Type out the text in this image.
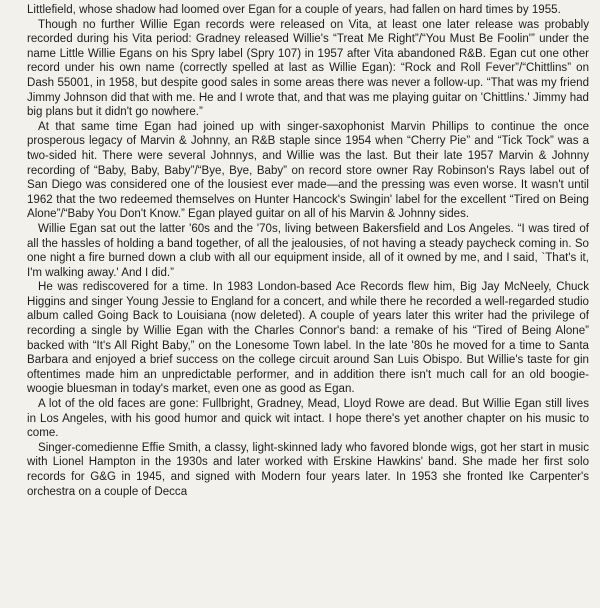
Littlefield, whose shadow had loomed over Egan for a couple of years, had fallen on hard times by 1955.

Though no further Willie Egan records were released on Vita, at least one later release was probably recorded during his Vita period: Gradney released Willie's “Treat Me Right”/“You Must Be Foolin'” under the name Little Willie Egans on his Spry label (Spry 107) in 1957 after Vita abandoned R&B. Egan cut one other record under his own name (correctly spelled at last as Willie Egan): “Rock and Roll Fever”/“Chittlins” on Dash 55001, in 1958, but despite good sales in some areas there was never a follow-up. “That was my friend Jimmy Johnson did that with me. He and I wrote that, and that was me playing guitar on 'Chittlins.' Jimmy had big plans but it didn't go nowhere.”

At that same time Egan had joined up with singer-saxophonist Marvin Phillips to continue the once prosperous legacy of Marvin & Johnny, an R&B staple since 1954 when “Cherry Pie” and “Tick Tock” was a two-sided hit. There were several Johnnys, and Willie was the last. But their late 1957 Marvin & Johnny recording of “Baby, Baby, Baby”/“Bye, Bye, Baby” on record store owner Ray Robinson's Rays label out of San Diego was considered one of the lousiest ever made—and the pressing was even worse. It wasn't until 1962 that the two redeemed themselves on Hunter Hancock's Swingin' label for the excellent “Tired on Being Alone”/“Baby You Don't Know.” Egan played guitar on all of his Marvin & Johnny sides.

Willie Egan sat out the latter '60s and the '70s, living between Bakersfield and Los Angeles. “I was tired of all the hassles of holding a band together, of all the jealousies, of not having a steady paycheck coming in. So one night a fire burned down a club with all our equipment inside, all of it owned by me, and I said, `That's it, I'm walking away.' And I did.”

He was rediscovered for a time. In 1983 London-based Ace Records flew him, Big Jay McNeely, Chuck Higgins and singer Young Jessie to England for a concert, and while there he recorded a well-regarded studio album called Going Back to Louisiana (now deleted). A couple of years later this writer had the privilege of recording a single by Willie Egan with the Charles Connor's band: a remake of his “Tired of Being Alone” backed with “It's All Right Baby,” on the Lonesome Town label. In the late '80s he moved for a time to Santa Barbara and enjoyed a brief success on the college circuit around San Luis Obispo. But Willie's taste for gin oftentimes made him an unpredictable performer, and in addition there isn't much call for an old boogie-woogie bluesman in today's market, even one as good as Egan.

A lot of the old faces are gone: Fullbright, Gradney, Mead, Lloyd Rowe are dead. But Willie Egan still lives in Los Angeles, with his good humor and quick wit intact. I hope there's yet another chapter on his music to come.

Singer-comedienne Effie Smith, a classy, light-skinned lady who favored blonde wigs, got her start in music with Lionel Hampton in the 1930s and later worked with Erskine Hawkins' band. She made her first solo records for G&G in 1945, and signed with Modern four years later. In 1953 she fronted Ike Carpenter's orchestra on a couple of Decca
